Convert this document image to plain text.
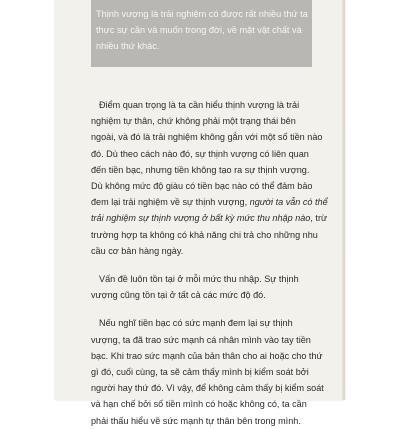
Thịnh vượng là trải nghiệm có được rất nhiều thứ ta
thực sự cần và muốn trong đời, về mặt vật chất và
nhiều thứ khác.

Điểm quan trọng là ta cần hiểu thịnh vượng là trải
nghiệm tự thân, chứ không phải một trạng thái bên
ngoài, và đó là trải nghiệm không gắn với một số tiền nào
đó. Dù theo cách nào đó, sự thịnh vượng có liên quan
đến tiền bạc, nhưng tiền không tạo ra sự thịnh vượng.
Dù không mức độ giàu có tiền bạc nào có thể đảm bảo
đem lại trải nghiệm về sự thịnh vượng, người ta vẫn có thể
trải nghiệm sự thịnh vượng ở bất kỳ mức thu nhập nào, trừ
trường hợp ta không có khả năng chi trả cho những nhu
cầu cơ bản hàng ngày.

Vấn đề luôn tồn tại ở mỗi mức thu nhập. Sự thịnh
vượng cũng tồn tại ở tất cả các mức độ đó.

Nếu nghĩ tiền bạc có sức mạnh đem lại sự thịnh
vượng, ta đã trao sức mạnh cá nhân mình vào tay tiền
bạc. Khi trao sức mạnh của bản thân cho ai hoặc cho thứ
gì đó, cuối cùng, ta sẽ cảm thấy mình bị kiểm soát bởi
người hay thứ đó. Vì vậy, để không cảm thấy bị kiểm soát
và hạn chế bởi số tiền mình có hoặc không có, ta cần
phải thấu hiểu về sức mạnh tự thân bên trong mình.
